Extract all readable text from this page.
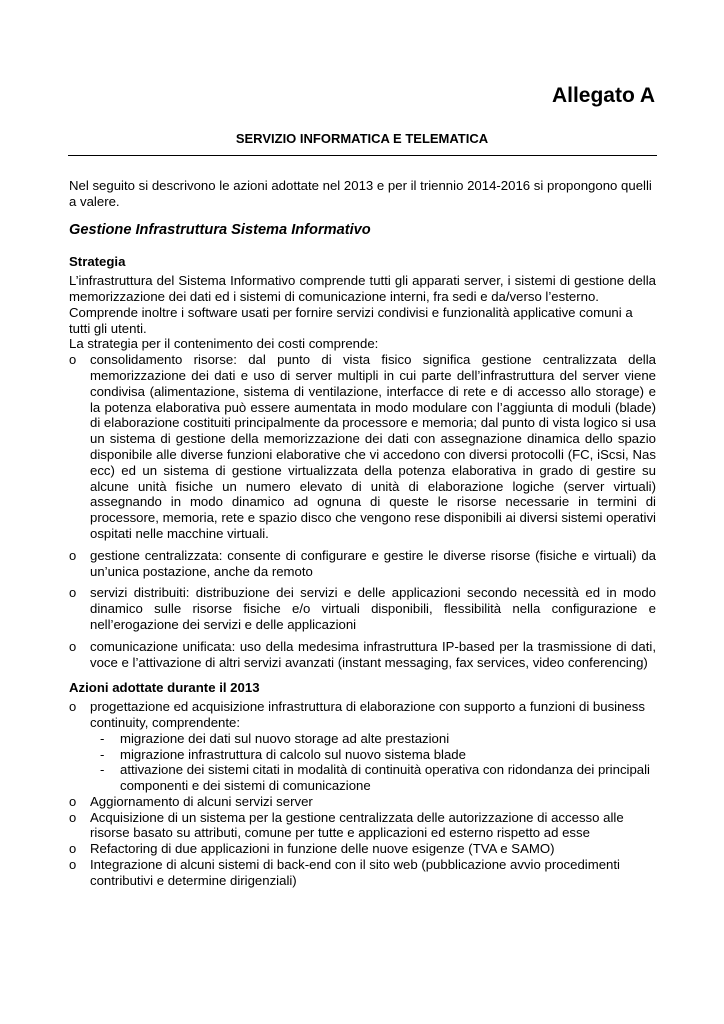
Allegato A
SERVIZIO INFORMATICA E TELEMATICA

Nel seguito si descrivono le azioni adottate nel 2013 e per il triennio 2014-2016 si propongono quelli a valere.

Gestione Infrastruttura Sistema Informativo

Strategia

L’infrastruttura del Sistema Informativo comprende tutti gli apparati server, i sistemi di gestione della memorizzazione dei dati ed i sistemi di comunicazione interni, fra sedi e da/verso l’esterno.

Comprende inoltre i software usati per fornire servizi condivisi e funzionalità applicative comuni a tutti gli utenti.

La strategia per il contenimento dei costi comprende:

o consolidamento risorse: dal punto di vista fisico significa gestione centralizzata della memorizzazione dei dati e uso di server multipli in cui parte dell’infrastruttura del server viene condivisa (alimentazione, sistema di ventilazione, interfacce di rete e di accesso allo storage) e la potenza elaborativa può essere aumentata in modo modulare con l’aggiunta di moduli (blade) di elaborazione costituiti principalmente da processore e memoria; dal punto di vista logico si usa un sistema di gestione della memorizzazione dei dati con assegnazione dinamica dello spazio disponibile alle diverse funzioni elaborative che vi accedono con diversi protocolli (FC, iScsi, Nas ecc) ed un sistema di gestione virtualizzata della potenza elaborativa in grado di gestire su alcune unità fisiche un numero elevato di unità di elaborazione logiche (server virtuali) assegnando in modo dinamico ad ognuna di queste le risorse necessarie in termini di processore, memoria, rete e spazio disco che vengono rese disponibili ai diversi sistemi operativi ospitati nelle macchine virtuali.
o gestione centralizzata: consente di configurare e gestire le diverse risorse (fisiche e virtuali) da un’unica postazione, anche da remoto
o servizi distribuiti: distribuzione dei servizi e delle applicazioni secondo necessità ed in modo dinamico sulle risorse fisiche e/o virtuali disponibili, flessibilità nella configurazione e nell’erogazione dei servizi e delle applicazioni
o comunicazione unificata: uso della medesima infrastruttura IP-based per la trasmissione di dati, voce e l’attivazione di altri servizi avanzati (instant messaging, fax services, video conferencing)

Azioni adottate durante il 2013

o progettazione ed acquisizione infrastruttura di elaborazione con supporto a funzioni di business continuity, comprendente:
- migrazione dei dati sul nuovo storage ad alte prestazioni
- migrazione infrastruttura di calcolo sul nuovo sistema blade
- attivazione dei sistemi citati in modalità di continuità operativa con ridondanza dei principali componenti e dei sistemi di comunicazione
o Aggiornamento di alcuni servizi server
o Acquisizione di un sistema per la gestione centralizzata delle autorizzazione di accesso alle risorse basato su attributi, comune per tutte e applicazioni ed esterno rispetto ad esse
o Refactoring di due applicazioni in funzione delle nuove esigenze (TVA e SAMO)
o Integrazione di alcuni sistemi di back-end con il sito web (pubblicazione avvio procedimenti contributivi e determine dirigenziali)
